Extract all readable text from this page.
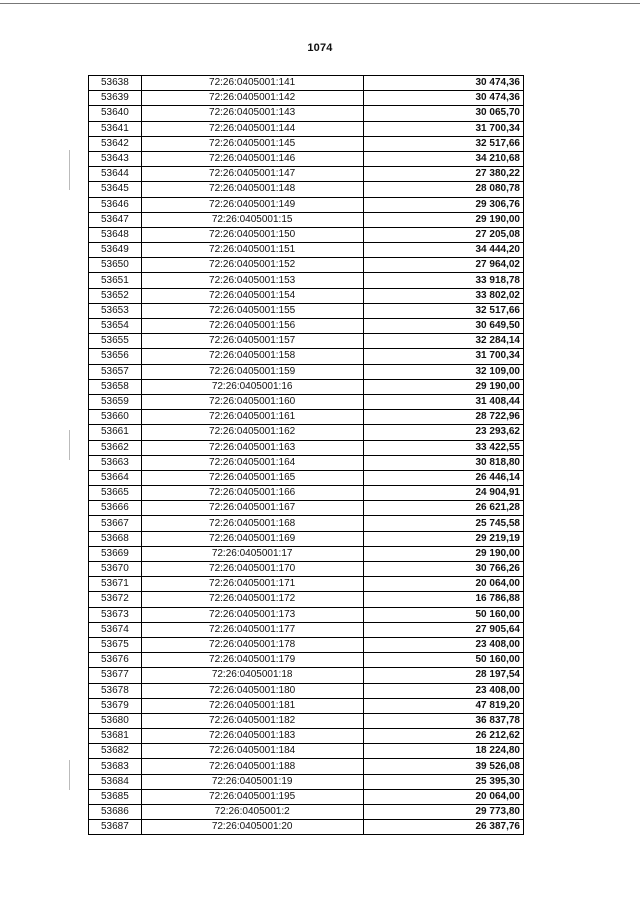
1074
53638	72:26:0405001:141	30 474,36
53639	72:26:0405001:142	30 474,36
53640	72:26:0405001:143	30 065,70
53641	72:26:0405001:144	31 700,34
53642	72:26:0405001:145	32 517,66
53643	72:26:0405001:146	34 210,68
53644	72:26:0405001:147	27 380,22
53645	72:26:0405001:148	28 080,78
53646	72:26:0405001:149	29 306,76
53647	72:26:0405001:15	29 190,00
53648	72:26:0405001:150	27 205,08
53649	72:26:0405001:151	34 444,20
53650	72:26:0405001:152	27 964,02
53651	72:26:0405001:153	33 918,78
53652	72:26:0405001:154	33 802,02
53653	72:26:0405001:155	32 517,66
53654	72:26:0405001:156	30 649,50
53655	72:26:0405001:157	32 284,14
53656	72:26:0405001:158	31 700,34
53657	72:26:0405001:159	32 109,00
53658	72:26:0405001:16	29 190,00
53659	72:26:0405001:160	31 408,44
53660	72:26:0405001:161	28 722,96
53661	72:26:0405001:162	23 293,62
53662	72:26:0405001:163	33 422,55
53663	72:26:0405001:164	30 818,80
53664	72:26:0405001:165	26 446,14
53665	72:26:0405001:166	24 904,91
53666	72:26:0405001:167	26 621,28
53667	72:26:0405001:168	25 745,58
53668	72:26:0405001:169	29 219,19
53669	72:26:0405001:17	29 190,00
53670	72:26:0405001:170	30 766,26
53671	72:26:0405001:171	20 064,00
53672	72:26:0405001:172	16 786,88
53673	72:26:0405001:173	50 160,00
53674	72:26:0405001:177	27 905,64
53675	72:26:0405001:178	23 408,00
53676	72:26:0405001:179	50 160,00
53677	72:26:0405001:18	28 197,54
53678	72:26:0405001:180	23 408,00
53679	72:26:0405001:181	47 819,20
53680	72:26:0405001:182	36 837,78
53681	72:26:0405001:183	26 212,62
53682	72:26:0405001:184	18 224,80
53683	72:26:0405001:188	39 526,08
53684	72:26:0405001:19	25 395,30
53685	72:26:0405001:195	20 064,00
53686	72:26:0405001:2	29 773,80
53687	72:26:0405001:20	26 387,76
